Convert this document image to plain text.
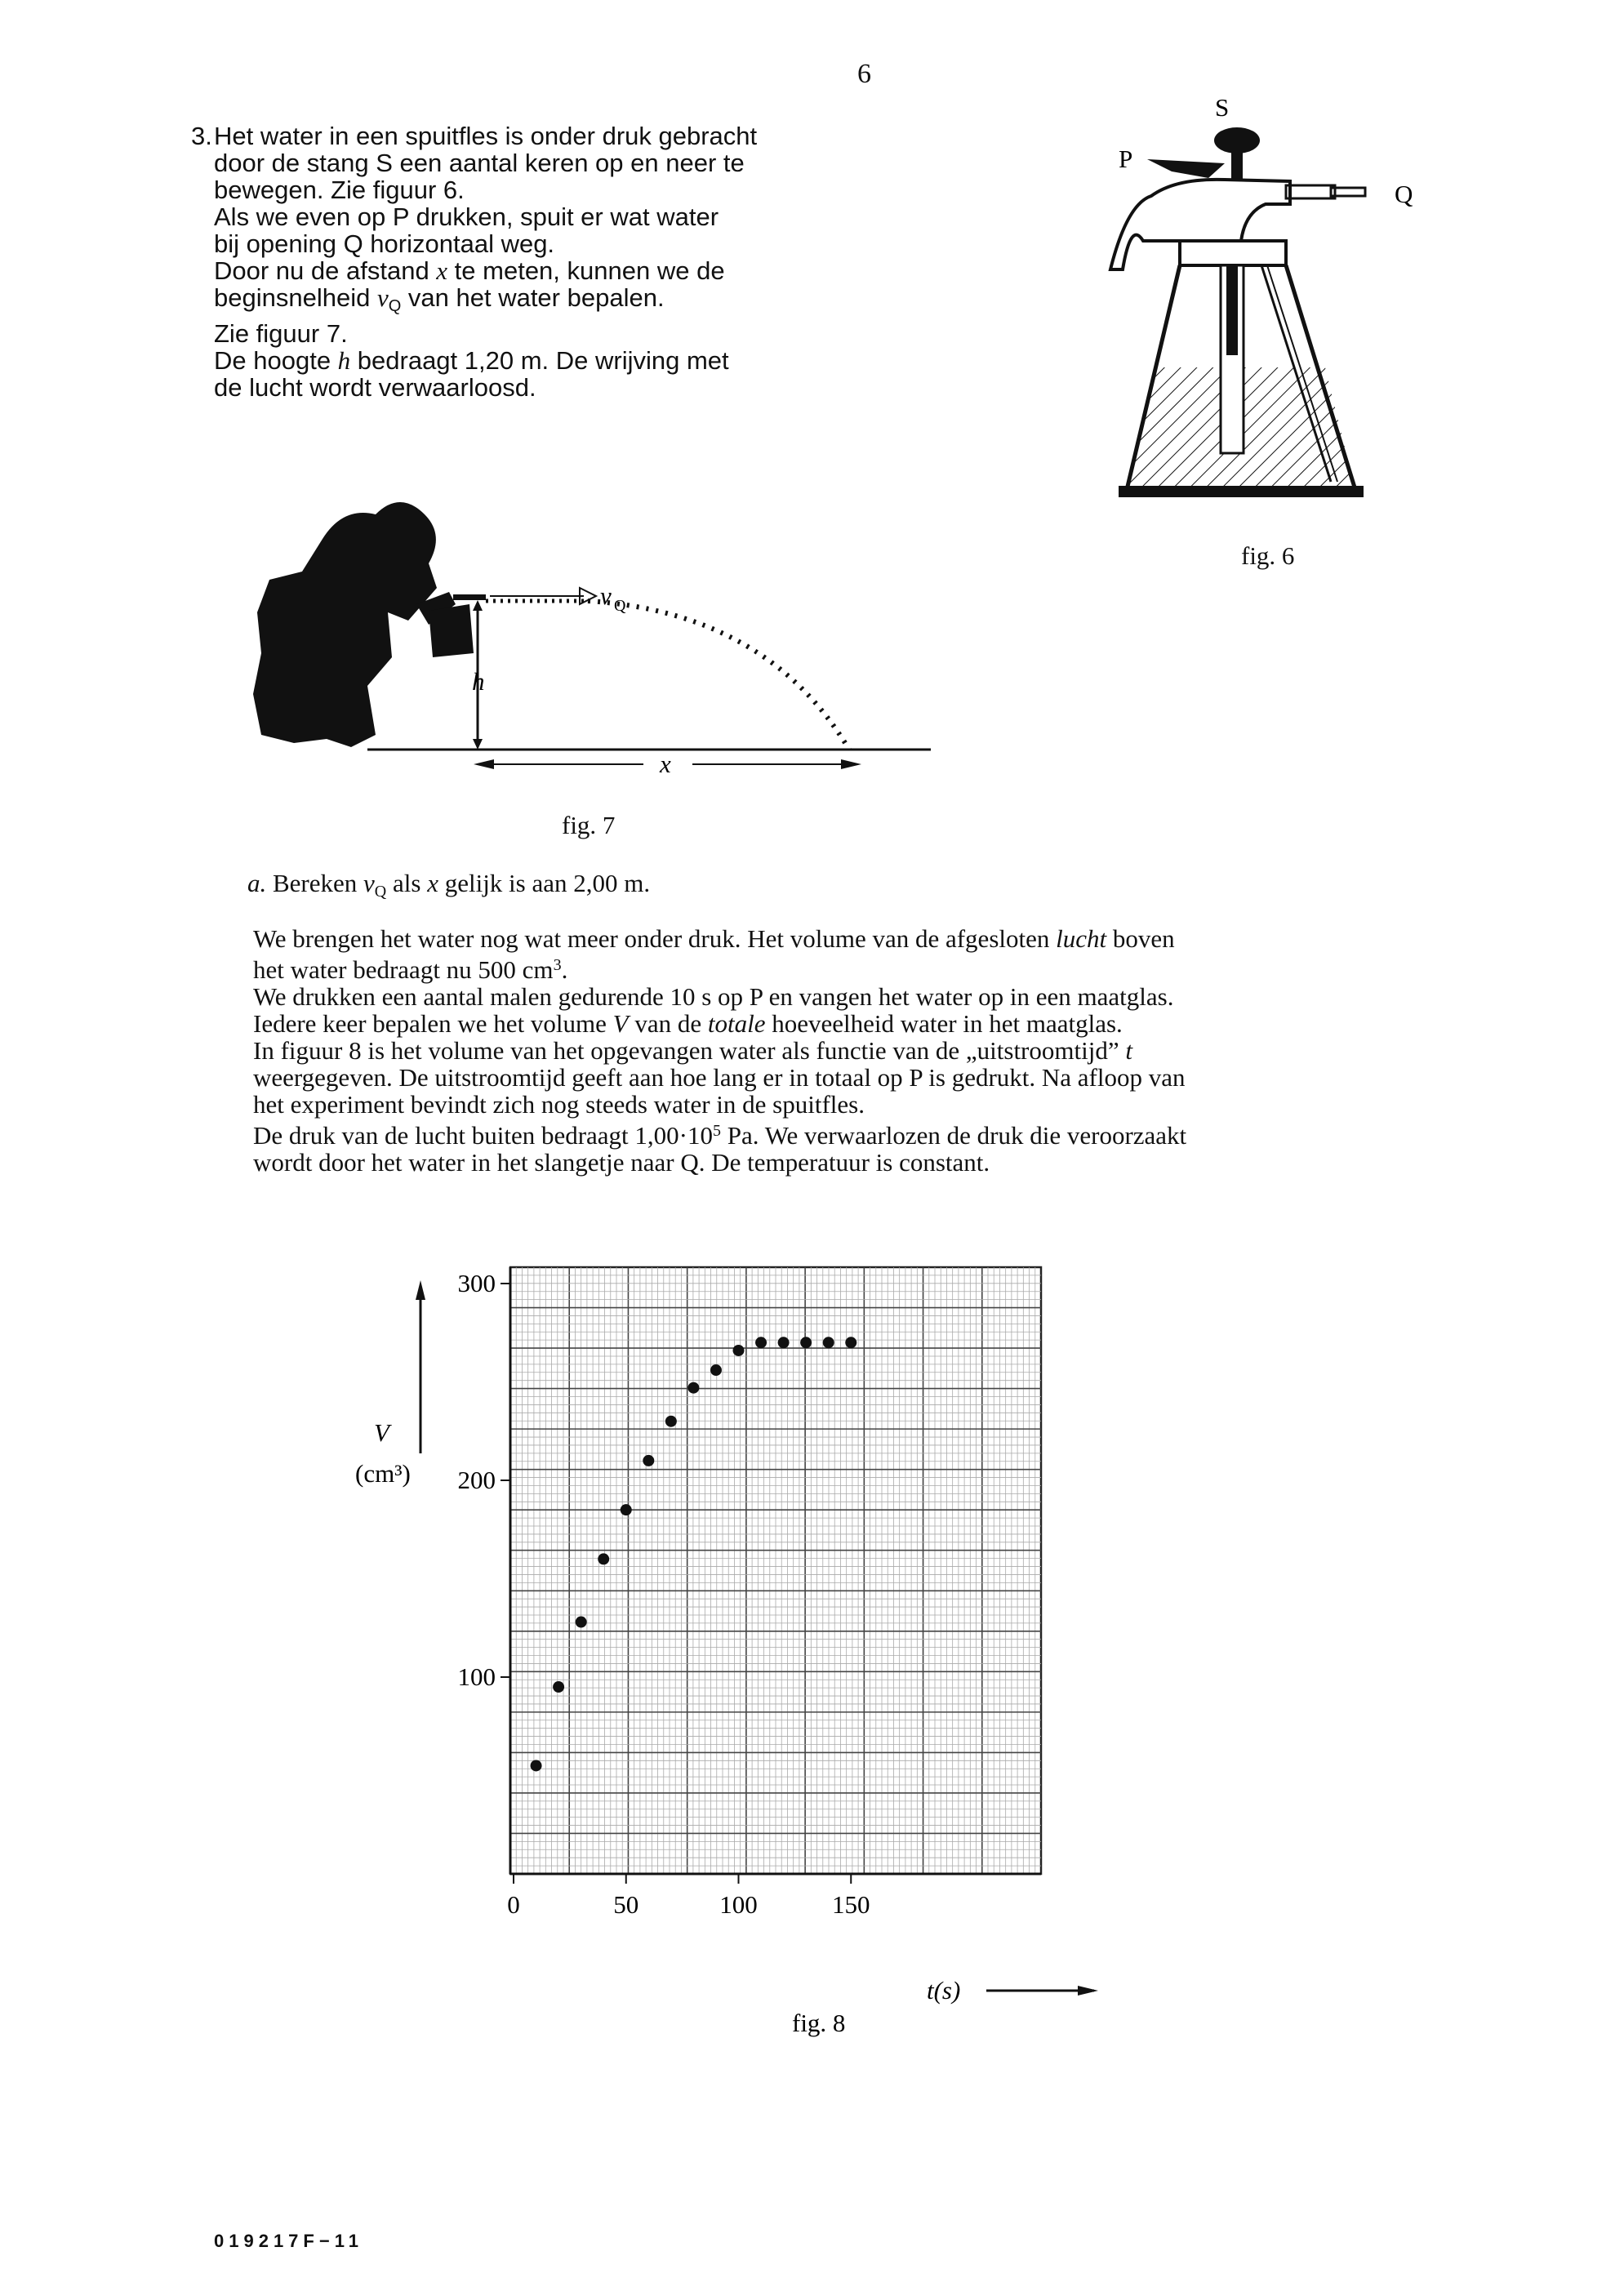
6
3. Het water in een spuitfles is onder druk gebracht
door de stang S een aantal keren op en neer te
bewegen. Zie figuur 6.
Als we even op P drukken, spuit er wat water
bij opening Q horizontaal weg.
Door nu de afstand x te meten, kunnen we de
beginsnelheid $v_Q$ van het water bepalen.
Zie figuur 7.
De hoogte h bedraagt 1,20 m. De wrijving met
de lucht wordt verwaarloosd.
S
P
Q
fig. 6
h
v Q
x
fig. 7
a. Bereken $v_Q$ als x gelijk is aan 2,00 m.
We brengen het water nog wat meer onder druk. Het volume van de afgesloten lucht boven
het water bedraagt nu 500 $cm^3$.
We drukken een aantal malen gedurende 10 s op P en vangen het water op in een maatglas.
Iedere keer bepalen we het volume V van de totale hoeveelheid water in het maatglas.
In figuur 8 is het volume van het opgevangen water als functie van de „uitstroomtijd” t
weergegeven. De uitstroomtijd geeft aan hoe lang er in totaal op P is gedrukt. Na afloop van
het experiment bevindt zich nog steeds water in de spuitfles.
De druk van de lucht buiten bedraagt $1,00\cdot 10^5$ Pa. We verwaarlozen de druk die veroorzaakt
wordt door het water in het slangetje naar Q. De temperatuur is constant.
0	50	100	150
100
200
300
V
(cm³)
t(s)
fig. 8
019217F−11
